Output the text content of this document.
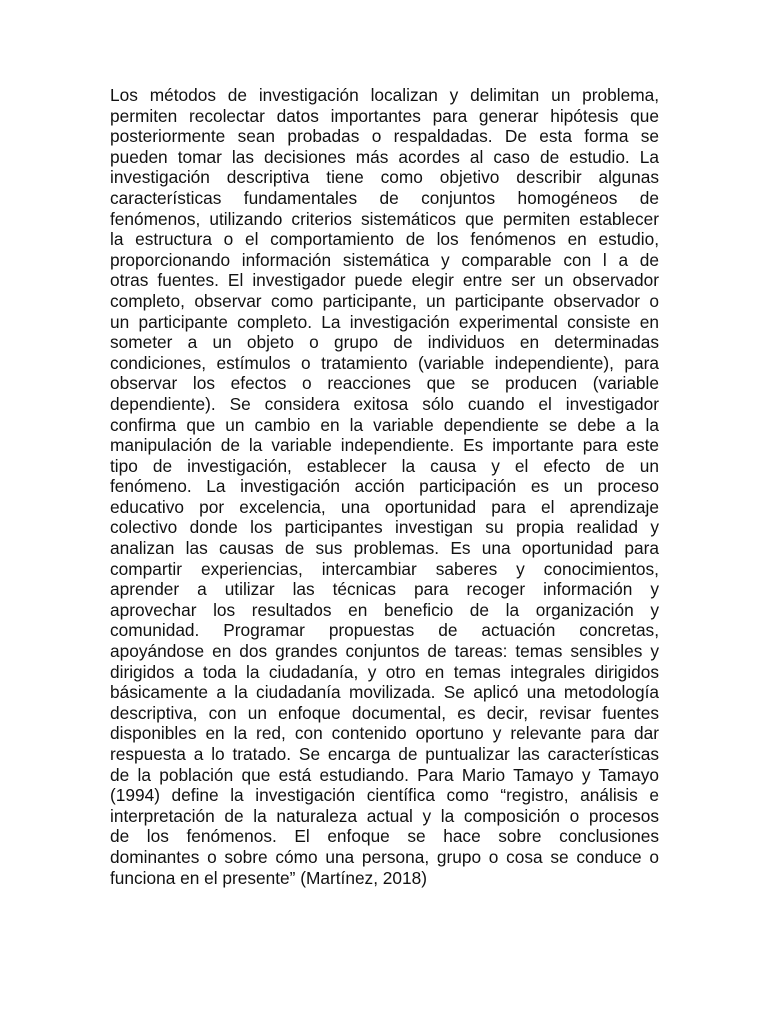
Los métodos de investigación localizan y delimitan un problema,
permiten recolectar datos importantes para generar hipótesis que
posteriormente sean probadas o respaldadas. De esta forma se
pueden tomar las decisiones más acordes al caso de estudio. La
investigación descriptiva tiene como objetivo describir algunas
características fundamentales de conjuntos homogéneos de
fenómenos, utilizando criterios sistemáticos que permiten establecer
la estructura o el comportamiento de los fenómenos en estudio,
proporcionando información sistemática y comparable con l a de
otras fuentes. El investigador puede elegir entre ser un observador
completo, observar como participante, un participante observador o
un participante completo. La investigación experimental consiste en
someter a un objeto o grupo de individuos en determinadas
condiciones, estímulos o tratamiento (variable independiente), para
observar los efectos o reacciones que se producen (variable
dependiente). Se considera exitosa sólo cuando el investigador
confirma que un cambio en la variable dependiente se debe a la
manipulación de la variable independiente. Es importante para este
tipo de investigación, establecer la causa y el efecto de un
fenómeno. La investigación acción participación es un proceso
educativo por excelencia, una oportunidad para el aprendizaje
colectivo donde los participantes investigan su propia realidad y
analizan las causas de sus problemas. Es una oportunidad para
compartir experiencias, intercambiar saberes y conocimientos,
aprender a utilizar las técnicas para recoger información y
aprovechar los resultados en beneficio de la organización y
comunidad. Programar propuestas de actuación concretas,
apoyándose en dos grandes conjuntos de tareas: temas sensibles y
dirigidos a toda la ciudadanía, y otro en temas integrales dirigidos
básicamente a la ciudadanía movilizada. Se aplicó una metodología
descriptiva, con un enfoque documental, es decir, revisar fuentes
disponibles en la red, con contenido oportuno y relevante para dar
respuesta a lo tratado. Se encarga de puntualizar las características
de la población que está estudiando. Para Mario Tamayo y Tamayo
(1994) define la investigación científica como “registro, análisis e
interpretación de la naturaleza actual y la composición o procesos
de los fenómenos. El enfoque se hace sobre conclusiones
dominantes o sobre cómo una persona, grupo o cosa se conduce o
funciona en el presente” (Martínez, 2018)
